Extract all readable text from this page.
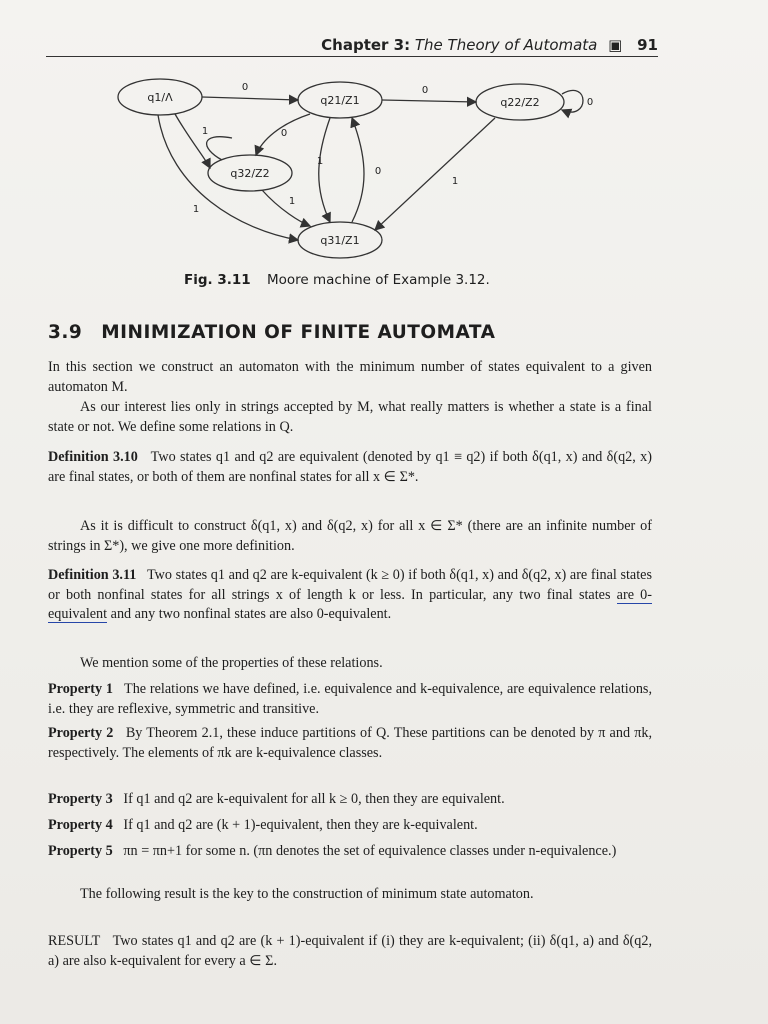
Chapter 3: The Theory of Automata ▣ 91
q1/Λ	q21/Z1	q22/Z2
q32/Z2
q31/Z1
0	0
0
1	0
1
0
1
1
1
Fig. 3.11 Moore machine of Example 3.12.
3.9 MINIMIZATION OF FINITE AUTOMATA
In this section we construct an automaton with the minimum number of states equivalent to a given automaton M.
As our interest lies only in strings accepted by M, what really matters is whether a state is a final state or not. We define some relations in Q.
Definition 3.10 Two states q1 and q2 are equivalent (denoted by q1 ≡ q2) if both δ(q1, x) and δ(q2, x) are final states, or both of them are nonfinal states for all x ∈ Σ*.
As it is difficult to construct δ(q1, x) and δ(q2, x) for all x ∈ Σ* (there are an infinite number of strings in Σ*), we give one more definition.
Definition 3.11 Two states q1 and q2 are k-equivalent (k ≥ 0) if both δ(q1, x) and δ(q2, x) are final states or both nonfinal states for all strings x of length k or less. In particular, any two final states are 0-equivalent and any two nonfinal states are also 0-equivalent.
We mention some of the properties of these relations.
Property 1 The relations we have defined, i.e. equivalence and k-equivalence, are equivalence relations, i.e. they are reflexive, symmetric and transitive.
Property 2 By Theorem 2.1, these induce partitions of Q. These partitions can be denoted by π and πk, respectively. The elements of πk are k-equivalence classes.
Property 3 If q1 and q2 are k-equivalent for all k ≥ 0, then they are equivalent.
Property 4 If q1 and q2 are (k + 1)-equivalent, then they are k-equivalent.
Property 5 πn = πn+1 for some n. (πn denotes the set of equivalence classes under n-equivalence.)
The following result is the key to the construction of minimum state automaton.
RESULT Two states q1 and q2 are (k + 1)-equivalent if (i) they are k-equivalent; (ii) δ(q1, a) and δ(q2, a) are also k-equivalent for every a ∈ Σ.
